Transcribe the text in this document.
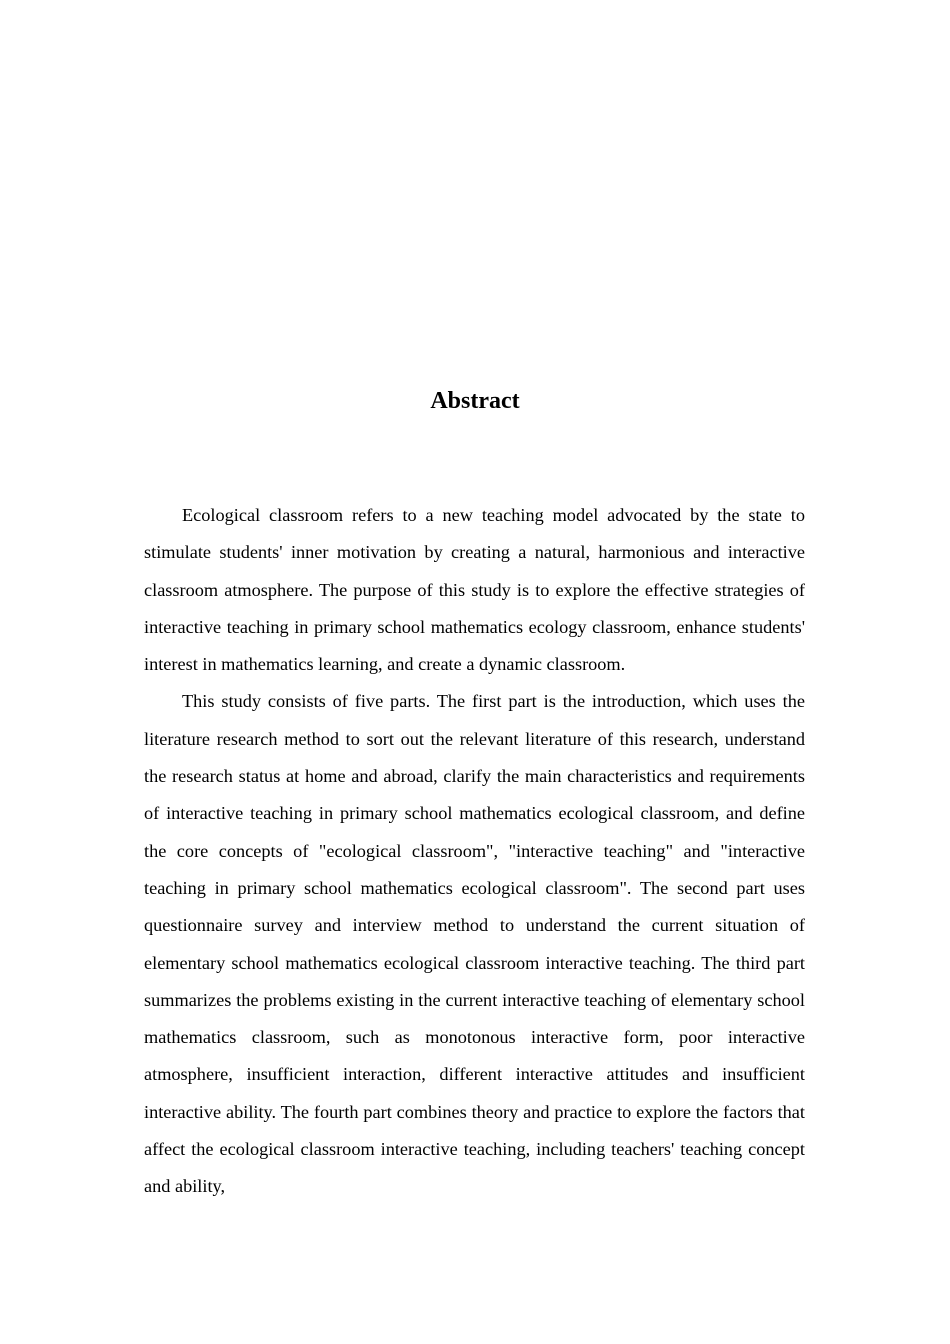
Abstract

Ecological classroom refers to a new teaching model advocated by the state to stimulate students' inner motivation by creating a natural, harmonious and interactive classroom atmosphere. The purpose of this study is to explore the effective strategies of interactive teaching in primary school mathematics ecology classroom, enhance students' interest in mathematics learning, and create a dynamic classroom.

This study consists of five parts. The first part is the introduction, which uses the literature research method to sort out the relevant literature of this research, understand the research status at home and abroad, clarify the main characteristics and requirements of interactive teaching in primary school mathematics ecological classroom, and define the core concepts of "ecological classroom", "interactive teaching" and "interactive teaching in primary school mathematics ecological classroom". The second part uses questionnaire survey and interview method to understand the current situation of elementary school mathematics ecological classroom interactive teaching. The third part summarizes the problems existing in the current interactive teaching of elementary school mathematics classroom, such as monotonous interactive form, poor interactive atmosphere, insufficient interaction, different interactive attitudes and insufficient interactive ability. The fourth part combines theory and practice to explore the factors that affect the ecological classroom interactive teaching, including teachers' teaching concept and ability,
